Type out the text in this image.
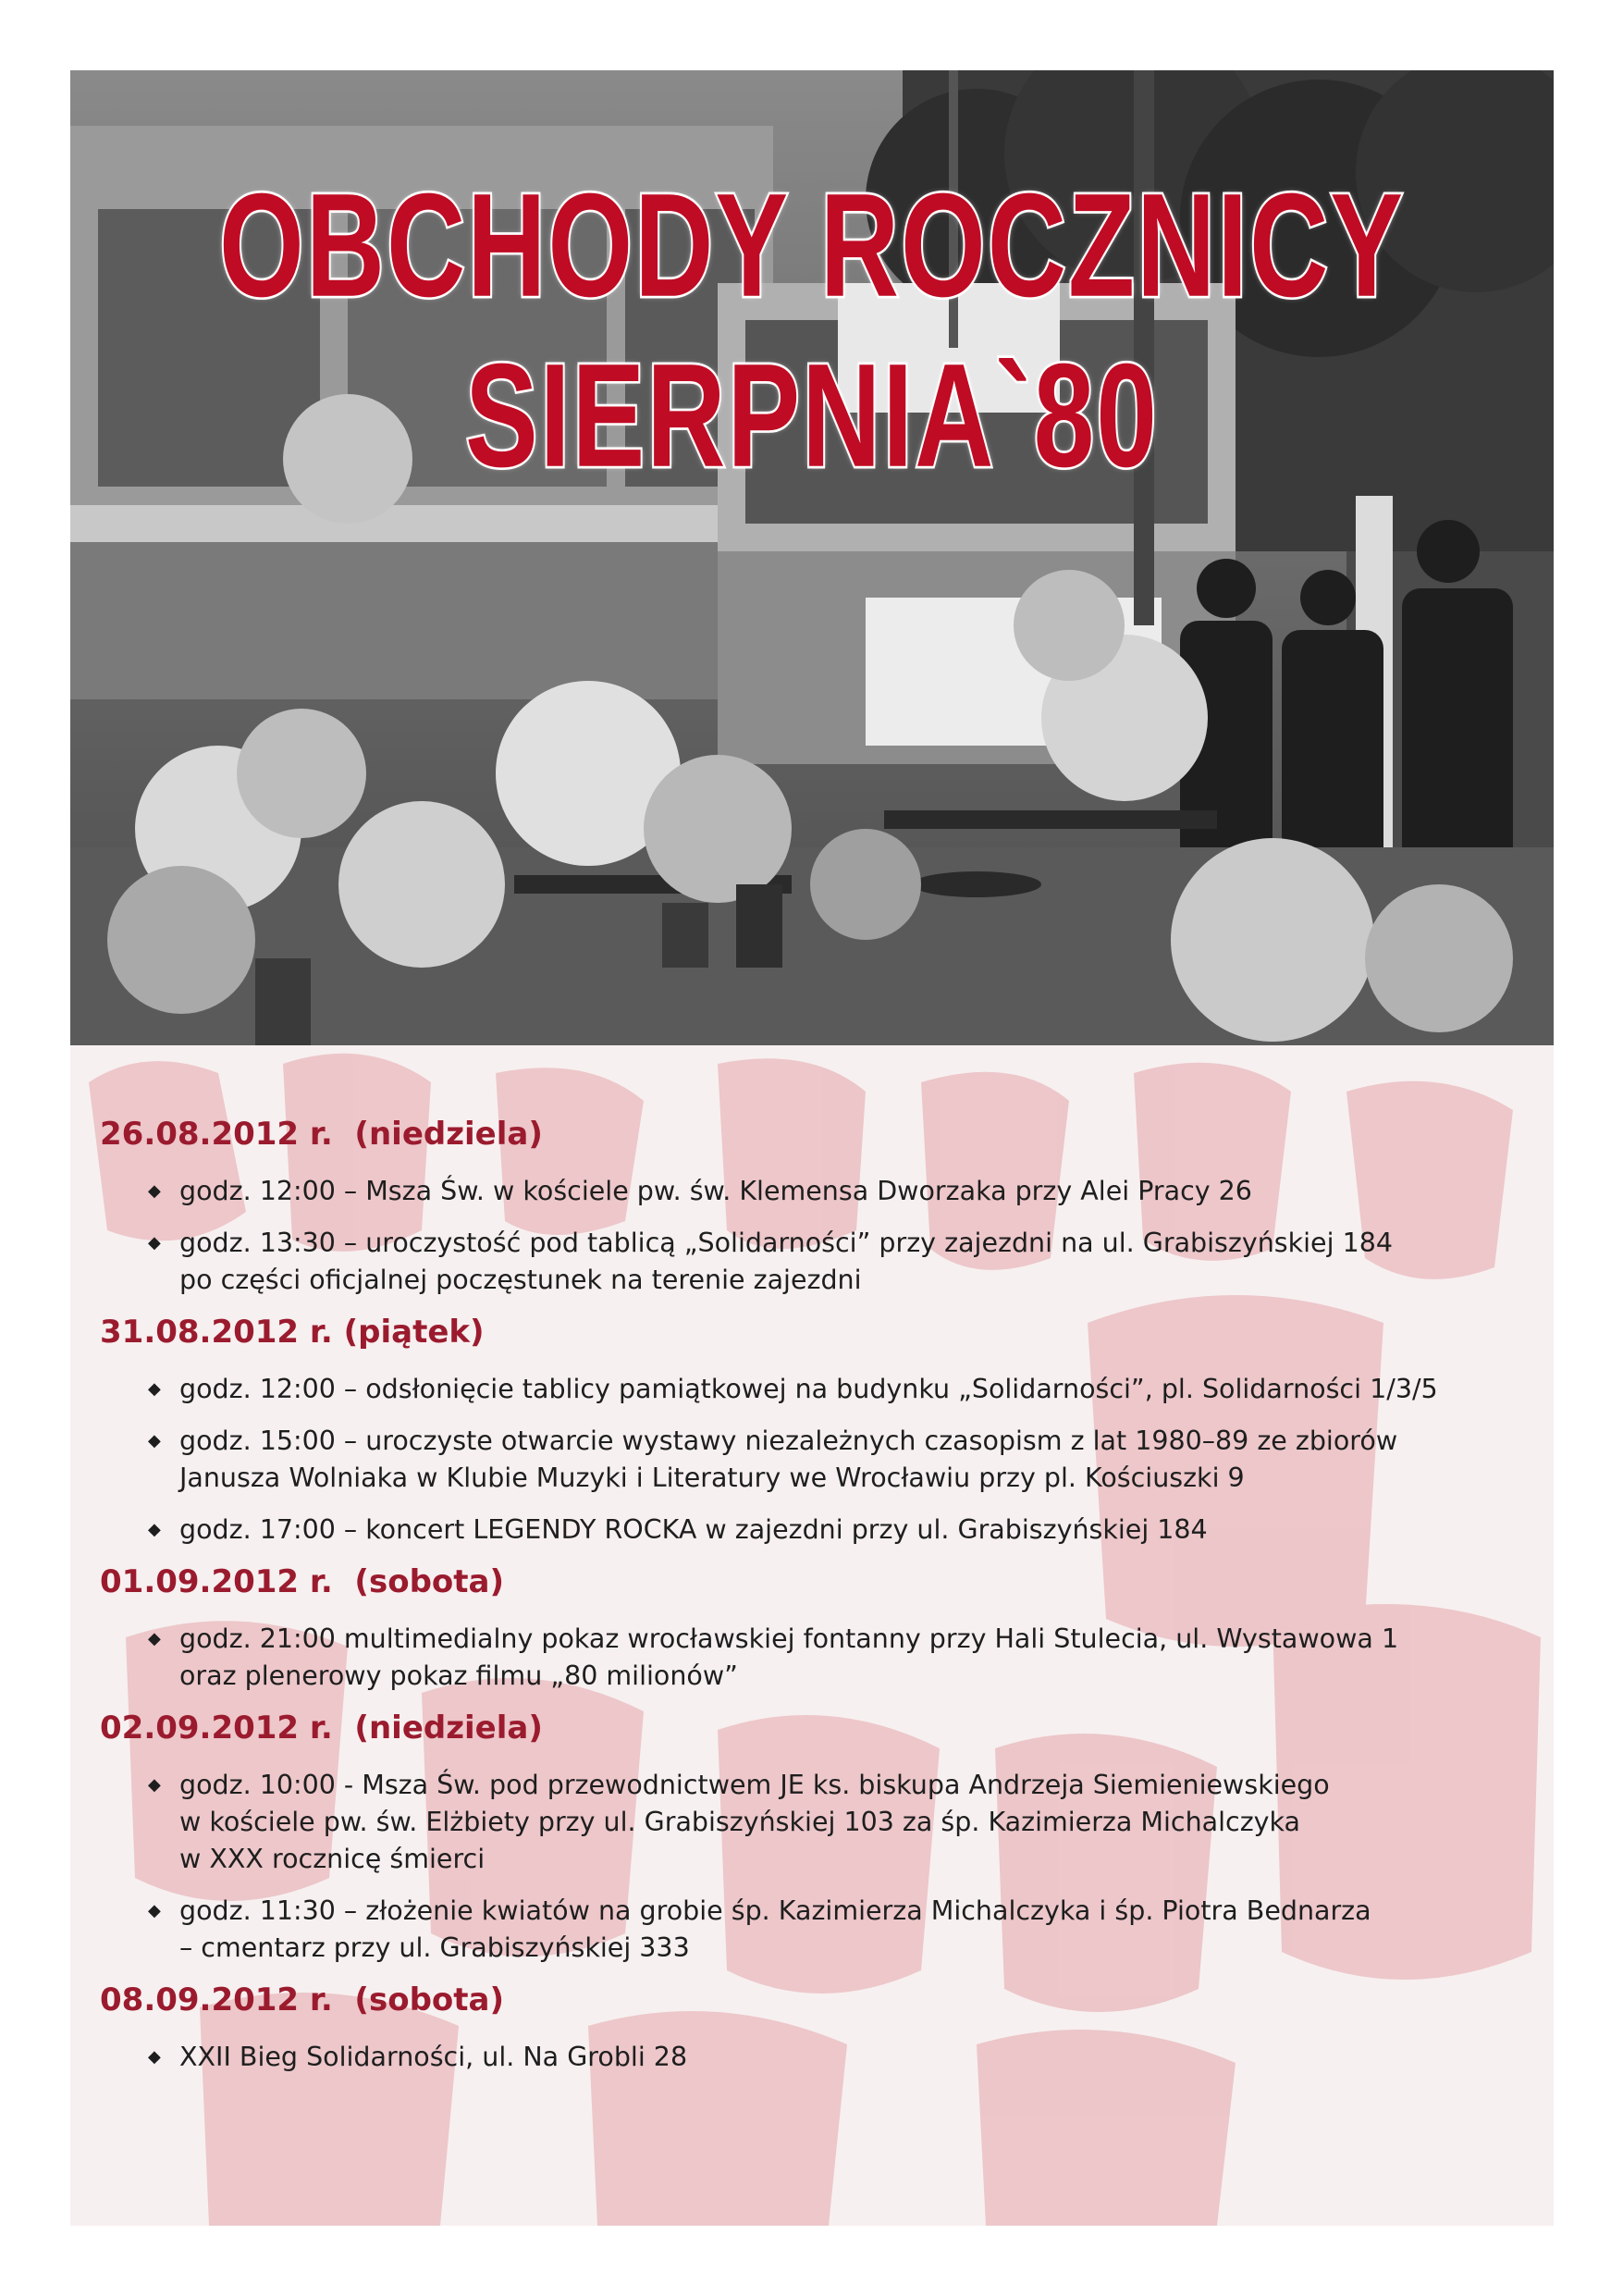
OBCHODY ROCZNICY
SIERPNIA`80
26.08.2012 r.  (niedziela)
◆ godz. 12:00 – Msza Św. w kościele pw. św. Klemensa Dworzaka przy Alei Pracy 26
◆ godz. 13:30 – uroczystość pod tablicą „Solidarności” przy zajezdni na ul. Grabiszyńskiej 184
po części oficjalnej poczęstunek na terenie zajezdni
31.08.2012 r. (piątek)
◆ godz. 12:00 – odsłonięcie tablicy pamiątkowej na budynku „Solidarności”, pl. Solidarności 1/3/5
◆ godz. 15:00 – uroczyste otwarcie wystawy niezależnych czasopism z lat 1980–89 ze zbiorów
Janusza Wolniaka w Klubie Muzyki i Literatury we Wrocławiu przy pl. Kościuszki 9
◆ godz. 17:00 – koncert LEGENDY ROCKA w zajezdni przy ul. Grabiszyńskiej 184
01.09.2012 r.  (sobota)
◆ godz. 21:00 multimedialny pokaz wrocławskiej fontanny przy Hali Stulecia, ul. Wystawowa 1
oraz plenerowy pokaz filmu „80 milionów”
02.09.2012 r.  (niedziela)
◆ godz. 10:00 - Msza Św. pod przewodnictwem JE ks. biskupa Andrzeja Siemieniewskiego
w kościele pw. św. Elżbiety przy ul. Grabiszyńskiej 103 za śp. Kazimierza Michalczyka
w XXX rocznicę śmierci
◆ godz. 11:30 – złożenie kwiatów na grobie śp. Kazimierza Michalczyka i śp. Piotra Bednarza
– cmentarz przy ul. Grabiszyńskiej 333
08.09.2012 r.  (sobota)
◆ XXII Bieg Solidarności, ul. Na Grobli 28
